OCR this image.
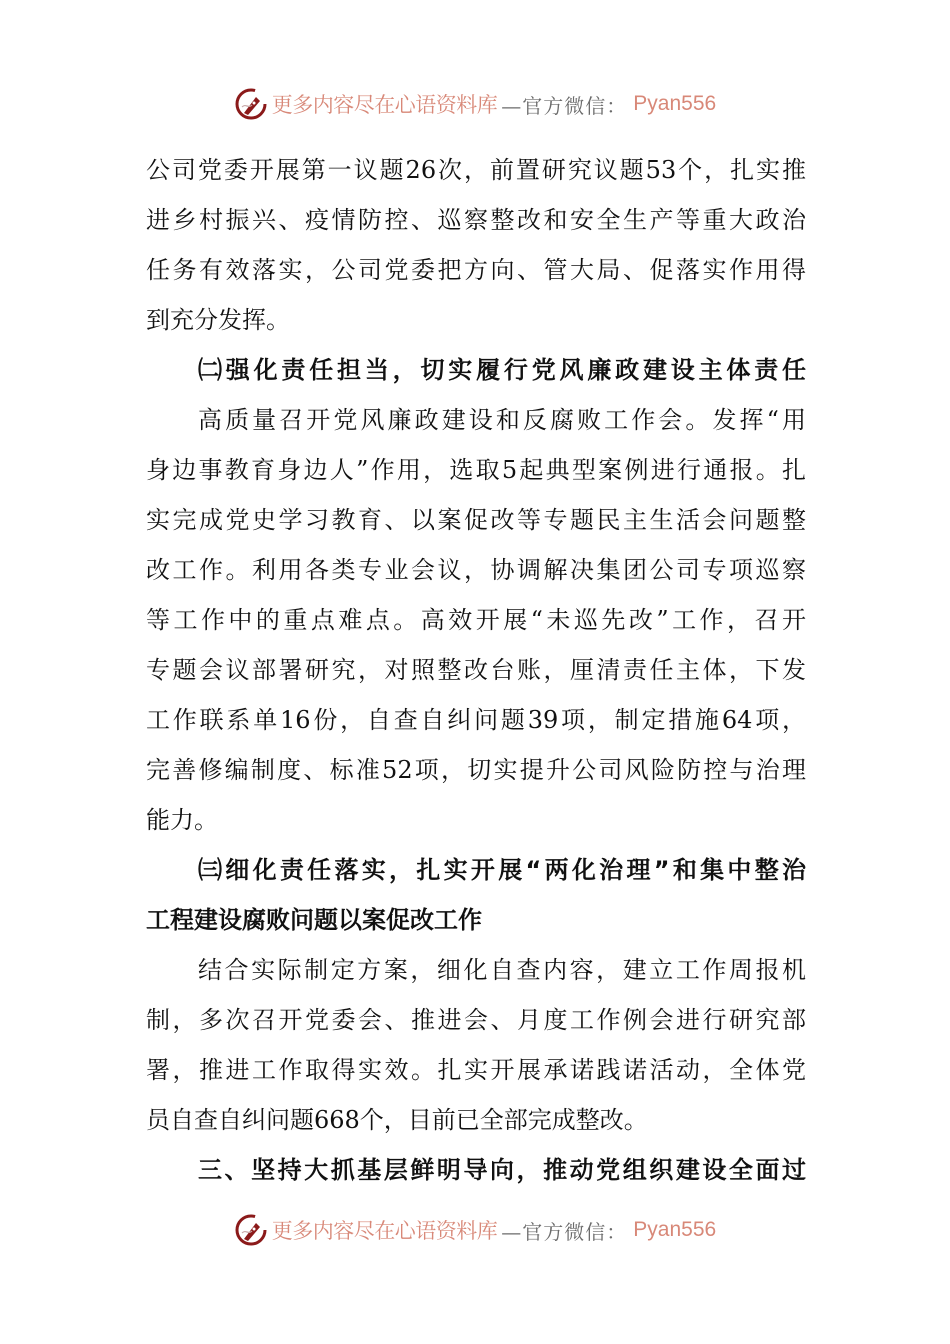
更多内容尽在心语资料库 —官方微信： Pyan556
公司党委开展第一议题26次，前置研究议题53个，扎实推
进乡村振兴、疫情防控、巡察整改和安全生产等重大政治
任务有效落实，公司党委把方向、管大局、促落实作用得
到充分发挥。
㈡强化责任担当，切实履行党风廉政建设主体责任
高质量召开党风廉政建设和反腐败工作会。发挥“用
身边事教育身边人”作用，选取5起典型案例进行通报。扎
实完成党史学习教育、以案促改等专题民主生活会问题整
改工作。利用各类专业会议，协调解决集团公司专项巡察
等工作中的重点难点。高效开展“未巡先改”工作，召开
专题会议部署研究，对照整改台账，厘清责任主体，下发
工作联系单16份，自查自纠问题39项，制定措施64项，
完善修编制度、标准52项，切实提升公司风险防控与治理
能力。
㈢细化责任落实，扎实开展“两化治理”和集中整治
工程建设腐败问题以案促改工作
结合实际制定方案，细化自查内容，建立工作周报机
制，多次召开党委会、推进会、月度工作例会进行研究部
署，推进工作取得实效。扎实开展承诺践诺活动，全体党
员自查自纠问题668个，目前已全部完成整改。
三、坚持大抓基层鲜明导向，推动党组织建设全面过
更多内容尽在心语资料库 —官方微信： Pyan556
